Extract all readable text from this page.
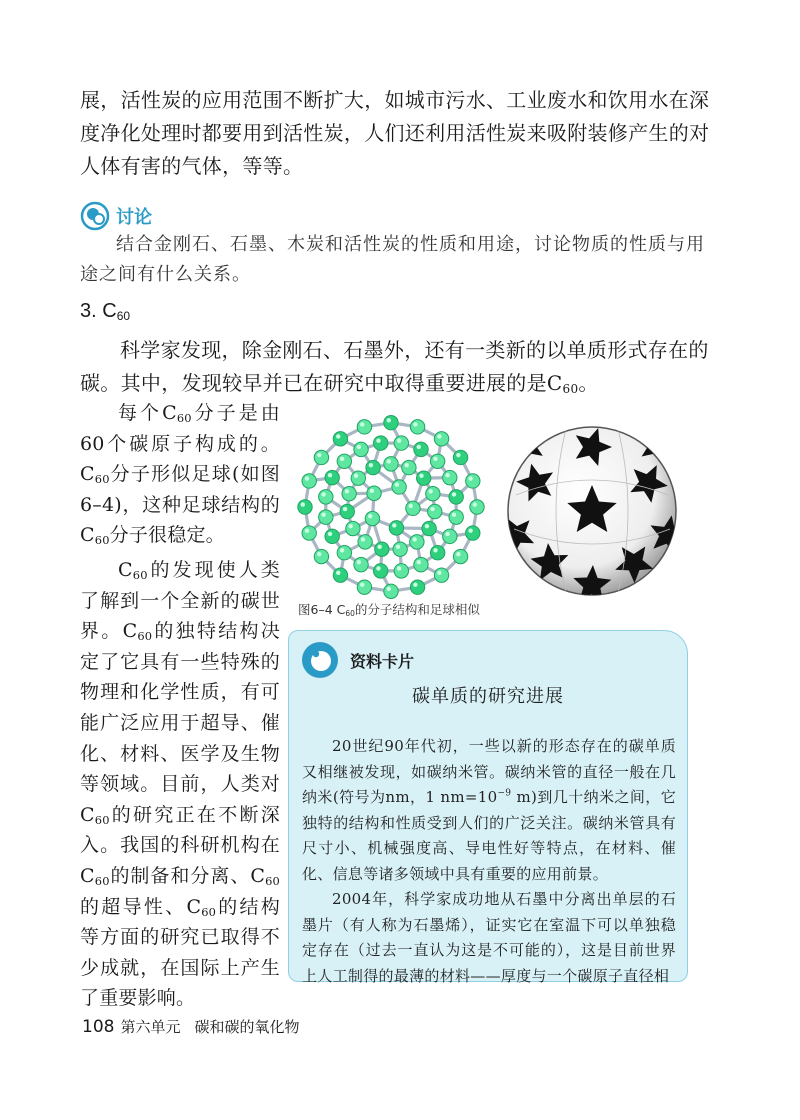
展，活性炭的应用范围不断扩大，如城市污水、工业废水和饮用水在深度净化处理时都要用到活性炭，人们还利用活性炭来吸附装修产生的对人体有害的气体，等等。
讨论
结合金刚石、石墨、木炭和活性炭的性质和用途，讨论物质的性质与用途之间有什么关系。
3. $C_{60}$
科学家发现，除金刚石、石墨外，还有一类新的以单质形式存在的碳。其中，发现较早并已在研究中取得重要进展的是$C_{60}$。
每个$C_{60}$分子是由60个碳原子构成的。$C_{60}$分子形似足球(如图6–4)，这种足球结构的$C_{60}$分子很稳定。
$C_{60}$的发现使人类了解到一个全新的碳世界。$C_{60}$的独特结构决定了它具有一些特殊的物理和化学性质，有可能广泛应用于超导、催化、材料、医学及生物等领域。目前，人类对$C_{60}$的研究正在不断深入。我国的科研机构在$C_{60}$的制备和分离、$C_{60}$的超导性、$C_{60}$的结构等方面的研究已取得不少成就，在国际上产生了重要影响。
图6–4 $C_{60}$的分子结构和足球相似
资料卡片
碳单质的研究进展

20世纪90年代初，一些以新的形态存在的碳单质又相继被发现，如碳纳米管。碳纳米管的直径一般在几纳米(符号为nm，1 $nm=10^{-9}$ m)到几十纳米之间，它独特的结构和性质受到人们的广泛关注。碳纳米管具有尺寸小、机械强度高、导电性好等特点，在材料、催化、信息等诸多领域中具有重要的应用前景。

2004年，科学家成功地从石墨中分离出单层的石墨片（有人称为石墨烯），证实它在室温下可以单独稳定存在（过去一直认为这是不可能的），这是目前世界上人工制得的最薄的材料——厚度与一个碳原子直径相

108 第六单元 碳和碳的氧化物
